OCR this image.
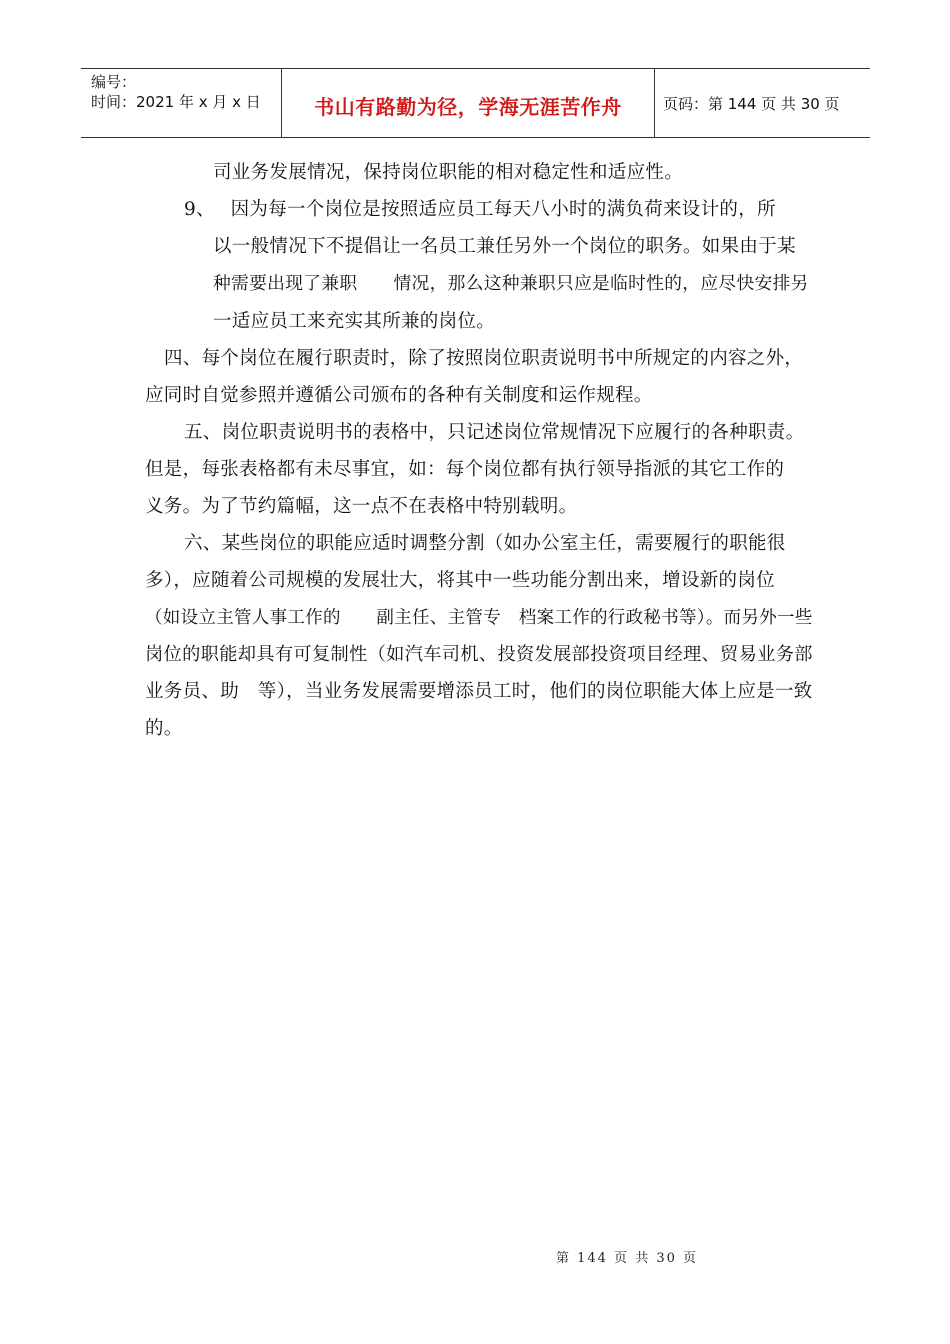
编号：
时间：2021 年 x 月 x 日	书山有路勤为径，学海无涯苦作舟	页码：第 144 页 共 30 页
司业务发展情况，保持岗位职能的相对稳定性和适应性。
9、　 因为每一个岗位是按照适应员工每天八小时的满负荷来设计的，所
以一般情况下不提倡让一名员工兼任另外一个岗位的职务。如果由于某
种需要出现了兼职　　情况，那么这种兼职只应是临时性的，应尽快安排另
一适应员工来充实其所兼的岗位。
四、每个岗位在履行职责时，除了按照岗位职责说明书中所规定的内容之外，
应同时自觉参照并遵循公司颁布的各种有关制度和运作规程。
五、岗位职责说明书的表格中，只记述岗位常规情况下应履行的各种职责。
但是，每张表格都有未尽事宜，如：每个岗位都有执行领导指派的其它工作的
义务。为了节约篇幅，这一点不在表格中特别载明。
六、某些岗位的职能应适时调整分割（如办公室主任，需要履行的职能很
多），应随着公司规模的发展壮大，将其中一些功能分割出来，增设新的岗位
（如设立主管人事工作的　　副主任、主管专　档案工作的行政秘书等）。而另外一些
岗位的职能却具有可复制性（如汽车司机、投资发展部投资项目经理、贸易业务部
业务员、助　等），当业务发展需要增添员工时，他们的岗位职能大体上应是一致
的。
第 144 页 共 30 页
